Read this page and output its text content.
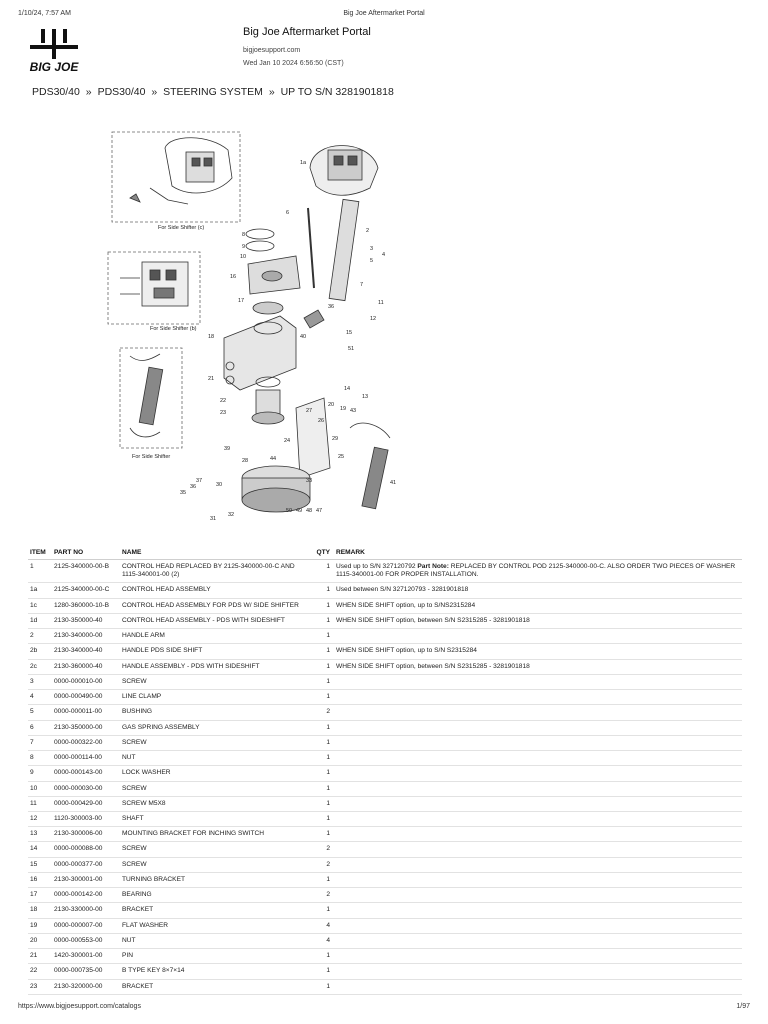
1/10/24, 7:57 AM	Big Joe Aftermarket Portal
BIG JOE
Big Joe Aftermarket Portal
bigjoesupport.com
Wed Jan 10 2024 6:56:50 (CST)
PDS30/40 » PDS30/40 » STEERING SYSTEM » UP TO S/N 3281901818
For Side Shifter (c)
For Side Shifter (b)
For Side Shifter
1a
6
2
8
9
10
16
17
18
21
22
23
24
27
26
20
19 43
13
14
29
25
33
50 49 48 47
41
3
4
5
7
11
12
15
36
40
51
35
36
37
39
30
31
32
28	44
ITEM	PART NO	NAME	QTY	REMARK
1	2125-340000-00-B	CONTROL HEAD REPLACED BY 2125-340000-00-C AND 1115-340001-00 (2)	1	Used up to S/N 327120792 Part Note: REPLACED BY CONTROL POD 2125-340000-00-C. ALSO ORDER TWO PIECES OF WASHER 1115-340001-00 FOR PROPER INSTALLATION.
1a	2125-340000-00-C	CONTROL HEAD ASSEMBLY	1	Used between S/N 327120793 - 3281901818
1c	1280-360000-10-B	CONTROL HEAD ASSEMBLY FOR PDS W/ SIDE SHIFTER	1	WHEN SIDE SHIFT option, up to S/NS2315284
1d	2130-350000-40	CONTROL HEAD ASSEMBLY - PDS WITH SIDESHIFT	1	WHEN SIDE SHIFT option, between S/N S2315285 - 3281901818
2	2130-340000-00	HANDLE ARM	1	
2b	2130-340000-40	HANDLE PDS SIDE SHIFT	1	WHEN SIDE SHIFT option, up to S/N S2315284
2c	2130-360000-40	HANDLE ASSEMBLY - PDS WITH SIDESHIFT	1	WHEN SIDE SHIFT option, between S/N S2315285 - 3281901818
3	0000-000010-00	SCREW	1	
4	0000-000490-00	LINE CLAMP	1	
5	0000-000011-00	BUSHING	2	
6	2130-350000-00	GAS SPRING ASSEMBLY	1	
7	0000-000322-00	SCREW	1	
8	0000-000114-00	NUT	1	
9	0000-000143-00	LOCK WASHER	1	
10	0000-000030-00	SCREW	1	
11	0000-000429-00	SCREW M5X8	1	
12	1120-300003-00	SHAFT	1	
13	2130-300006-00	MOUNTING BRACKET FOR INCHING SWITCH	1	
14	0000-000088-00	SCREW	2	
15	0000-000377-00	SCREW	2	
16	2130-300001-00	TURNING BRACKET	1	
17	0000-000142-00	BEARING	2	
18	2130-330000-00	BRACKET	1	
19	0000-000007-00	FLAT WASHER	4	
20	0000-000553-00	NUT	4	
21	1420-300001-00	PIN	1	
22	0000-000735-00	B TYPE KEY 8×7×14	1	
23	2130-320000-00	BRACKET	1	
https://www.bigjoesupport.com/catalogs	1/97
